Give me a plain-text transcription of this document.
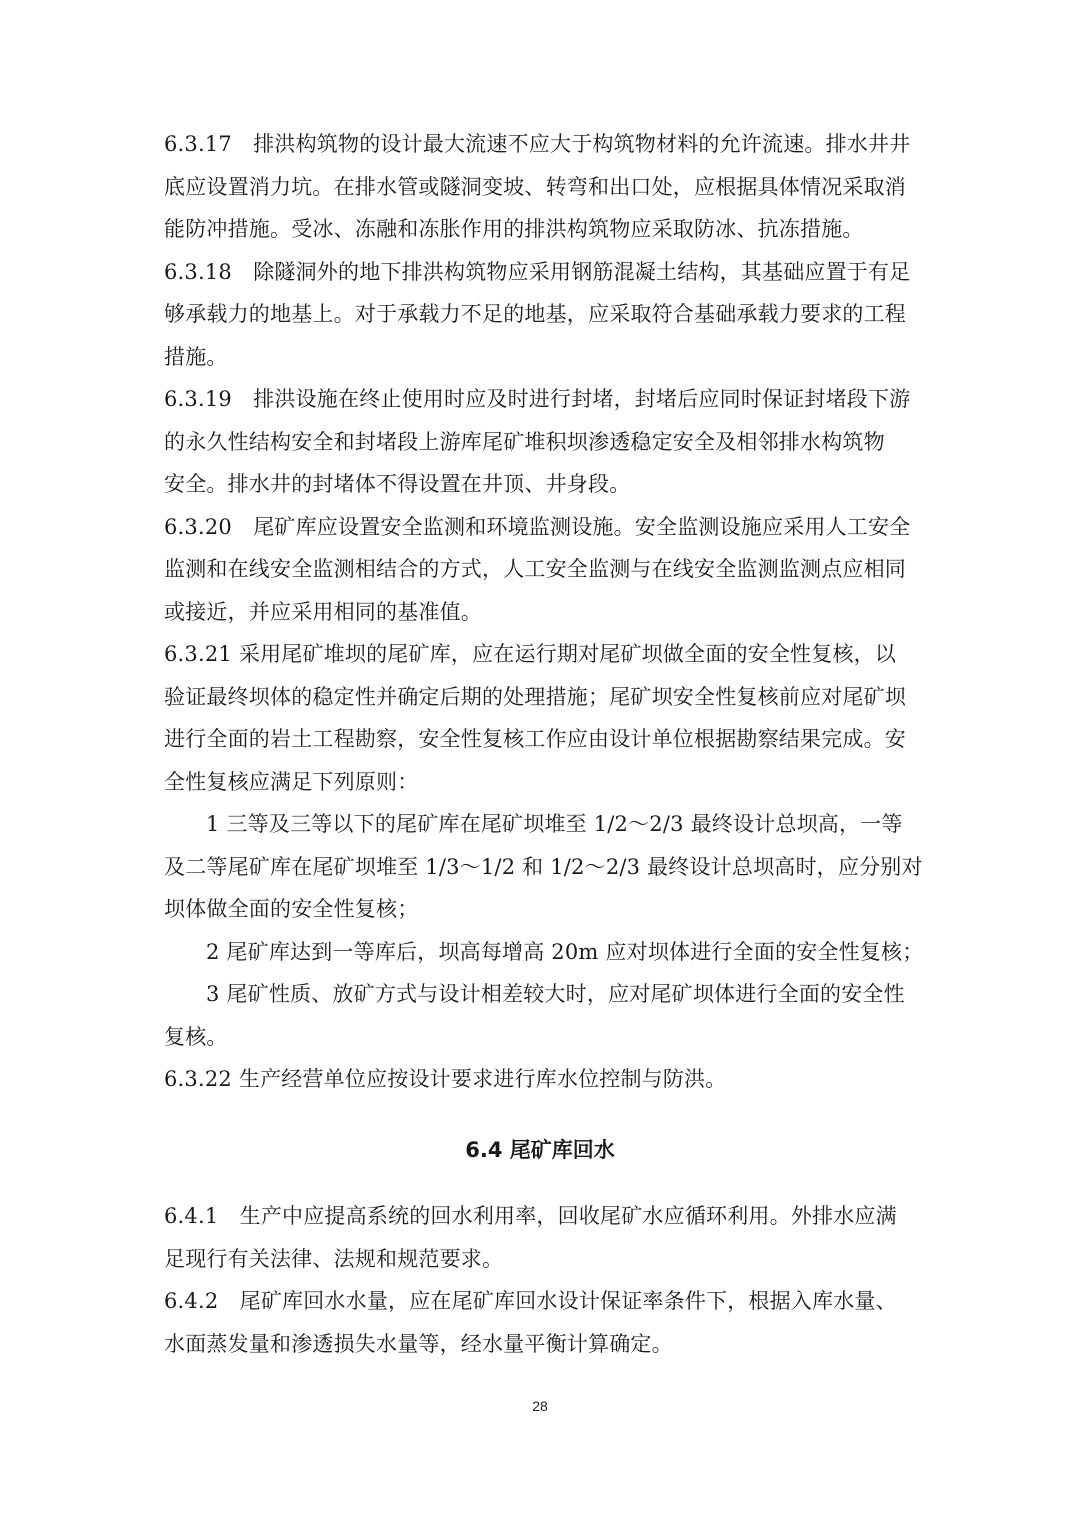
6.3.17　排洪构筑物的设计最大流速不应大于构筑物材料的允许流速。排水井井
底应设置消力坑。在排水管或隧洞变坡、转弯和出口处，应根据具体情况采取消
能防冲措施。受冰、冻融和冻胀作用的排洪构筑物应采取防冰、抗冻措施。
6.3.18　除隧洞外的地下排洪构筑物应采用钢筋混凝土结构，其基础应置于有足
够承载力的地基上。对于承载力不足的地基，应采取符合基础承载力要求的工程
措施。
6.3.19　排洪设施在终止使用时应及时进行封堵，封堵后应同时保证封堵段下游
的永久性结构安全和封堵段上游库尾矿堆积坝渗透稳定安全及相邻排水构筑物
安全。排水井的封堵体不得设置在井顶、井身段。
6.3.20　尾矿库应设置安全监测和环境监测设施。安全监测设施应采用人工安全
监测和在线安全监测相结合的方式，人工安全监测与在线安全监测监测点应相同
或接近，并应采用相同的基准值。
6.3.21 采用尾矿堆坝的尾矿库，应在运行期对尾矿坝做全面的安全性复核，以
验证最终坝体的稳定性并确定后期的处理措施；尾矿坝安全性复核前应对尾矿坝
进行全面的岩土工程勘察，安全性复核工作应由设计单位根据勘察结果完成。安
全性复核应满足下列原则：
1 三等及三等以下的尾矿库在尾矿坝堆至 1/2～2/3 最终设计总坝高，一等
及二等尾矿库在尾矿坝堆至 1/3～1/2 和 1/2～2/3 最终设计总坝高时，应分别对
坝体做全面的安全性复核；
2 尾矿库达到一等库后，坝高每增高 20m 应对坝体进行全面的安全性复核；
3 尾矿性质、放矿方式与设计相差较大时，应对尾矿坝体进行全面的安全性
复核。
6.3.22 生产经营单位应按设计要求进行库水位控制与防洪。
6.4 尾矿库回水
6.4.1　生产中应提高系统的回水利用率，回收尾矿水应循环利用。外排水应满
足现行有关法律、法规和规范要求。
6.4.2　尾矿库回水水量，应在尾矿库回水设计保证率条件下，根据入库水量、
水面蒸发量和渗透损失水量等，经水量平衡计算确定。
28
